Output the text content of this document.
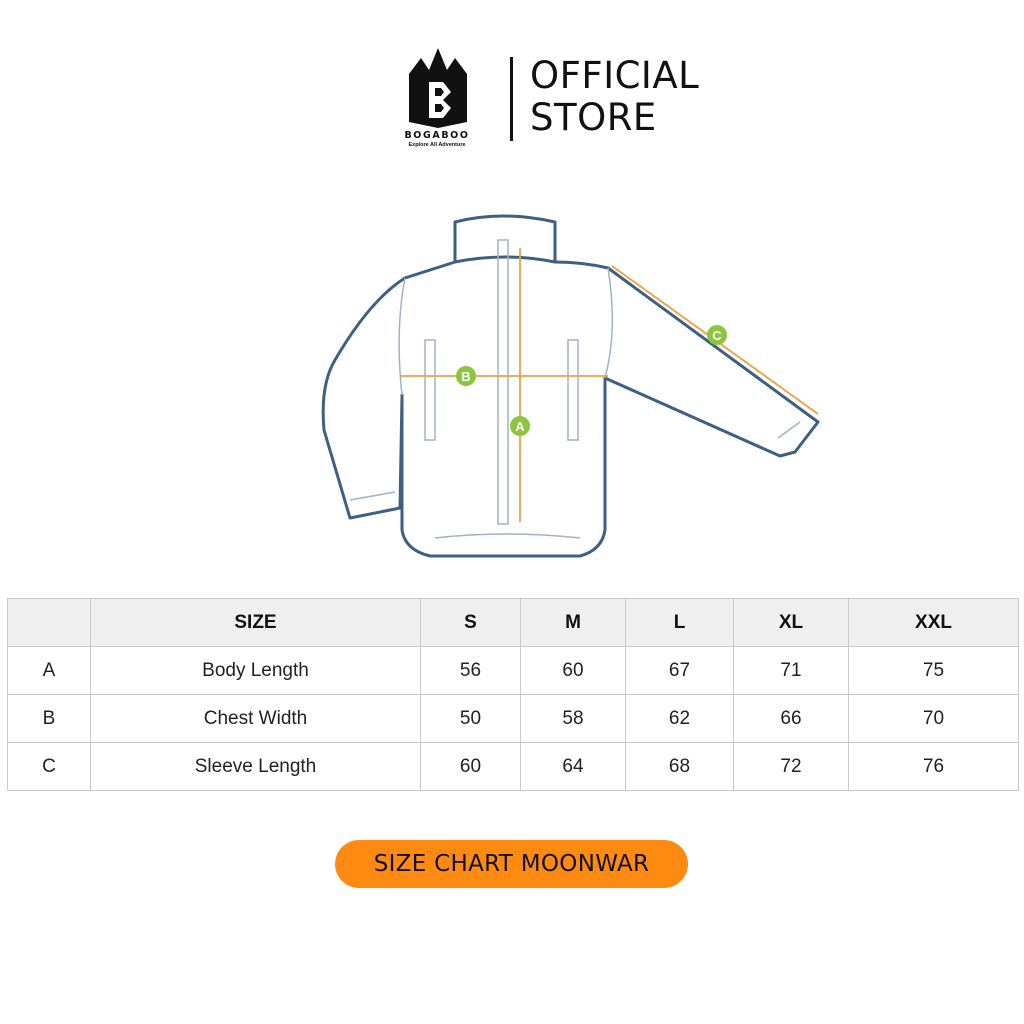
BOGABOO
Explore All Adventure
OFFICIAL
STORE
A
B
C
	SIZE	S	M	L	XL	XXL
A	Body Length	56	60	67	71	75
B	Chest Width	50	58	62	66	70
C	Sleeve Length	60	64	68	72	76
SIZE CHART MOONWAR
